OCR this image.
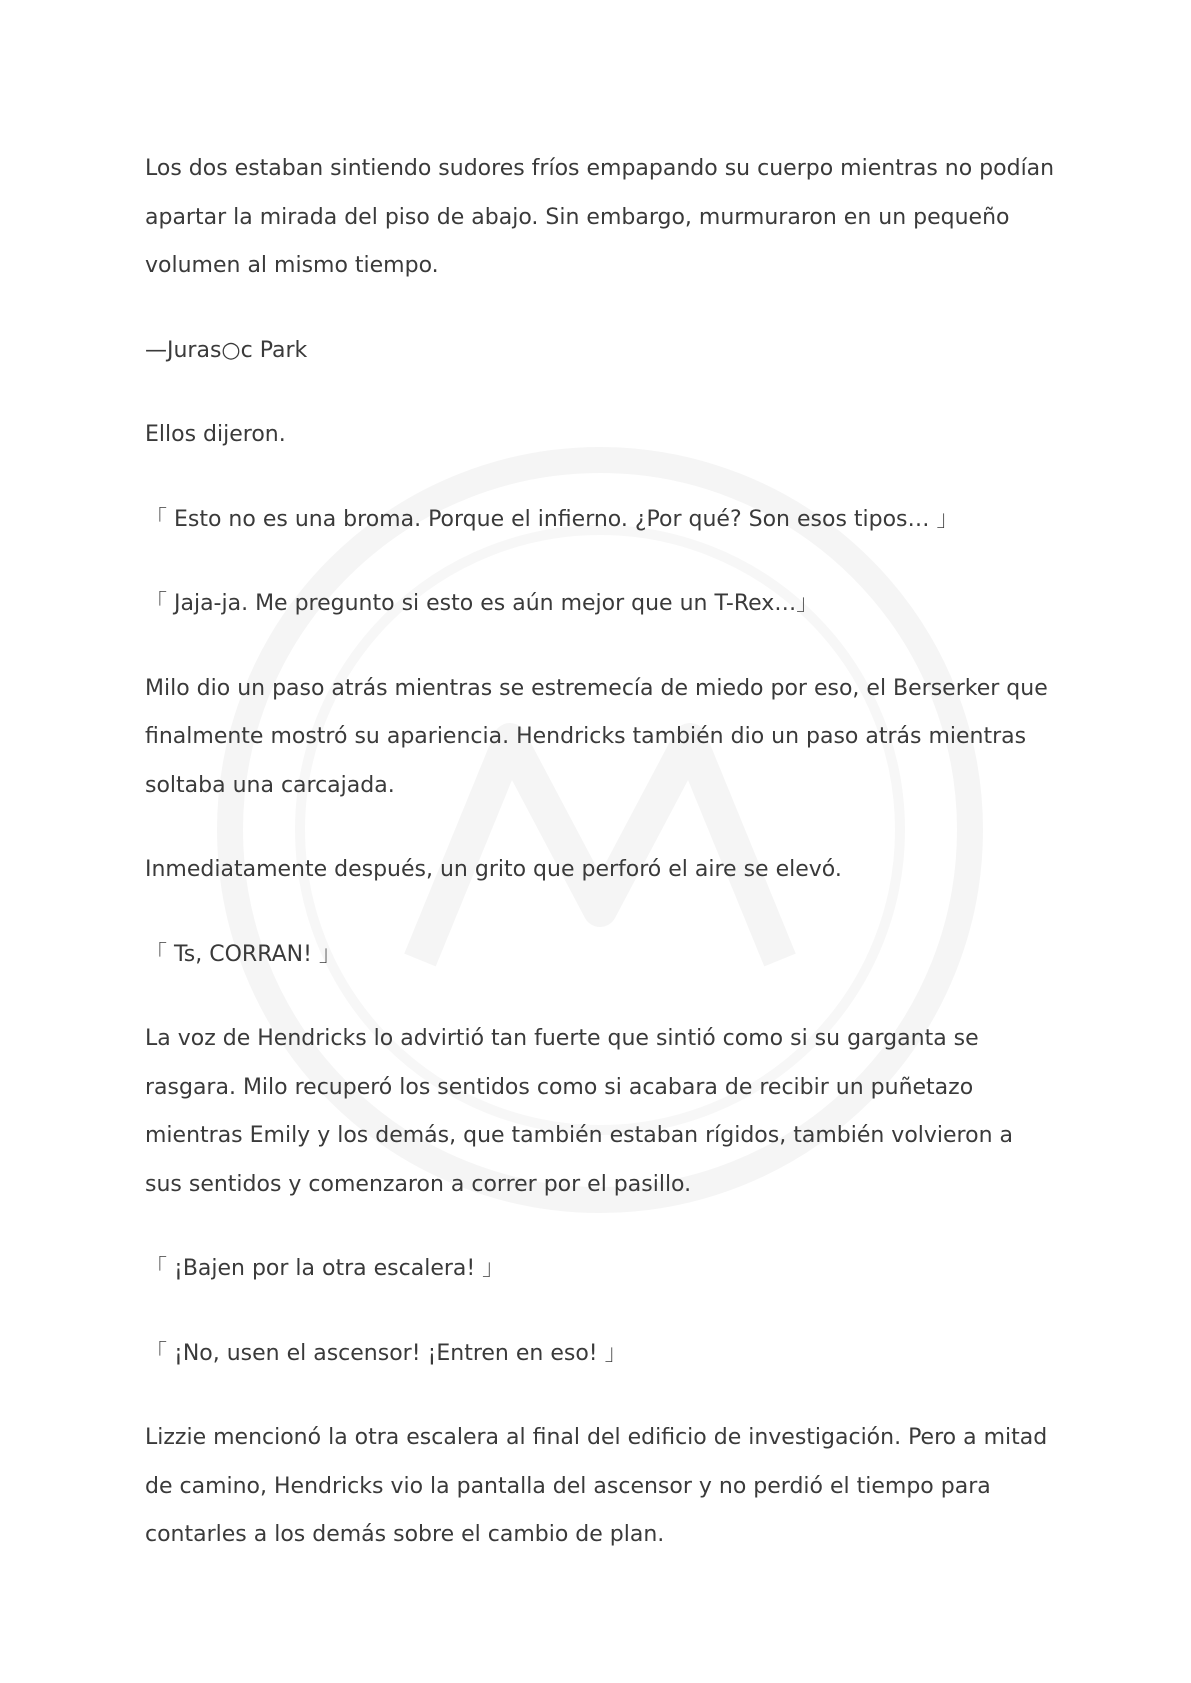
Los dos estaban sintiendo sudores fríos empapando su cuerpo mientras no podían apartar la mirada del piso de abajo. Sin embargo, murmuraron en un pequeño volumen al mismo tiempo.

—Juras○c Park

Ellos dijeron.

「 Esto no es una broma. Porque el infierno. ¿Por qué? Son esos tipos… 」

「 Jaja-ja. Me pregunto si esto es aún mejor que un T-Rex…」

Milo dio un paso atrás mientras se estremecía de miedo por eso, el Berserker que finalmente mostró su apariencia. Hendricks también dio un paso atrás mientras soltaba una carcajada.

Inmediatamente después, un grito que perforó el aire se elevó.

「 Ts, CORRAN! 」

La voz de Hendricks lo advirtió tan fuerte que sintió como si su garganta se rasgara. Milo recuperó los sentidos como si acabara de recibir un puñetazo mientras Emily y los demás, que también estaban rígidos, también volvieron a sus sentidos y comenzaron a correr por el pasillo.

「 ¡Bajen por la otra escalera! 」

「 ¡No, usen el ascensor! ¡Entren en eso! 」

Lizzie mencionó la otra escalera al final del edificio de investigación. Pero a mitad de camino, Hendricks vio la pantalla del ascensor y no perdió el tiempo para contarles a los demás sobre el cambio de plan.
